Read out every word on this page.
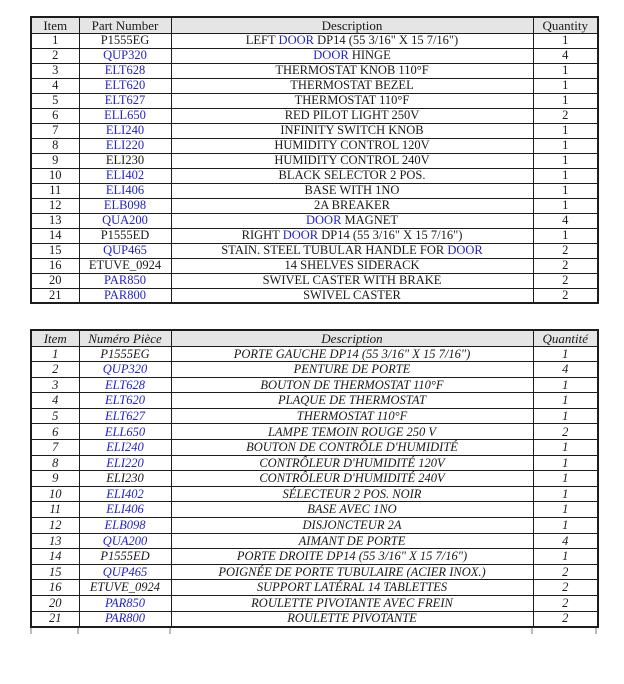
Item	Part Number	Description	Quantity
1	P1555EG	LEFT DOOR DP14 (55 3/16" X 15 7/16")	1
2	QUP320	DOOR HINGE	4
3	ELT628	THERMOSTAT KNOB 110°F	1
4	ELT620	THERMOSTAT BEZEL	1
5	ELT627	THERMOSTAT 110°F	1
6	ELL650	RED PILOT LIGHT 250V	2
7	ELI240	INFINITY SWITCH KNOB	1
8	ELI220	HUMIDITY CONTROL 120V	1
9	ELI230	HUMIDITY CONTROL 240V	1
10	ELI402	BLACK SELECTOR 2 POS.	1
11	ELI406	BASE WITH 1NO	1
12	ELB098	2A BREAKER	1
13	QUA200	DOOR MAGNET	4
14	P1555ED	RIGHT DOOR DP14 (55 3/16" X 15 7/16")	1
15	QUP465	STAIN. STEEL TUBULAR HANDLE FOR DOOR	2
16	ETUVE_0924	14 SHELVES SIDERACK	2
20	PAR850	SWIVEL CASTER WITH BRAKE	2
21	PAR800	SWIVEL CASTER	2
Item	Numéro Pièce	Description	Quantité
1	P1555EG	PORTE GAUCHE DP14 (55 3/16" X 15 7/16")	1
2	QUP320	PENTURE DE PORTE	4
3	ELT628	BOUTON DE THERMOSTAT 110°F	1
4	ELT620	PLAQUE DE THERMOSTAT	1
5	ELT627	THERMOSTAT 110°F	1
6	ELL650	LAMPE TEMOIN ROUGE 250 V	2
7	ELI240	BOUTON DE CONTRÔLE D'HUMIDITÉ	1
8	ELI220	CONTRÔLEUR D'HUMIDITÉ 120V	1
9	ELI230	CONTRÔLEUR D'HUMIDITÉ 240V	1
10	ELI402	SÉLECTEUR 2 POS. NOIR	1
11	ELI406	BASE AVEC 1NO	1
12	ELB098	DISJONCTEUR 2A	1
13	QUA200	AIMANT DE PORTE	4
14	P1555ED	PORTE DROITE DP14 (55 3/16" X 15 7/16")	1
15	QUP465	POIGNÉE DE PORTE TUBULAIRE (ACIER INOX.)	2
16	ETUVE_0924	SUPPORT LATÉRAL 14 TABLETTES	2
20	PAR850	ROULETTE PIVOTANTE AVEC FREIN	2
21	PAR800	ROULETTE PIVOTANTE	2
